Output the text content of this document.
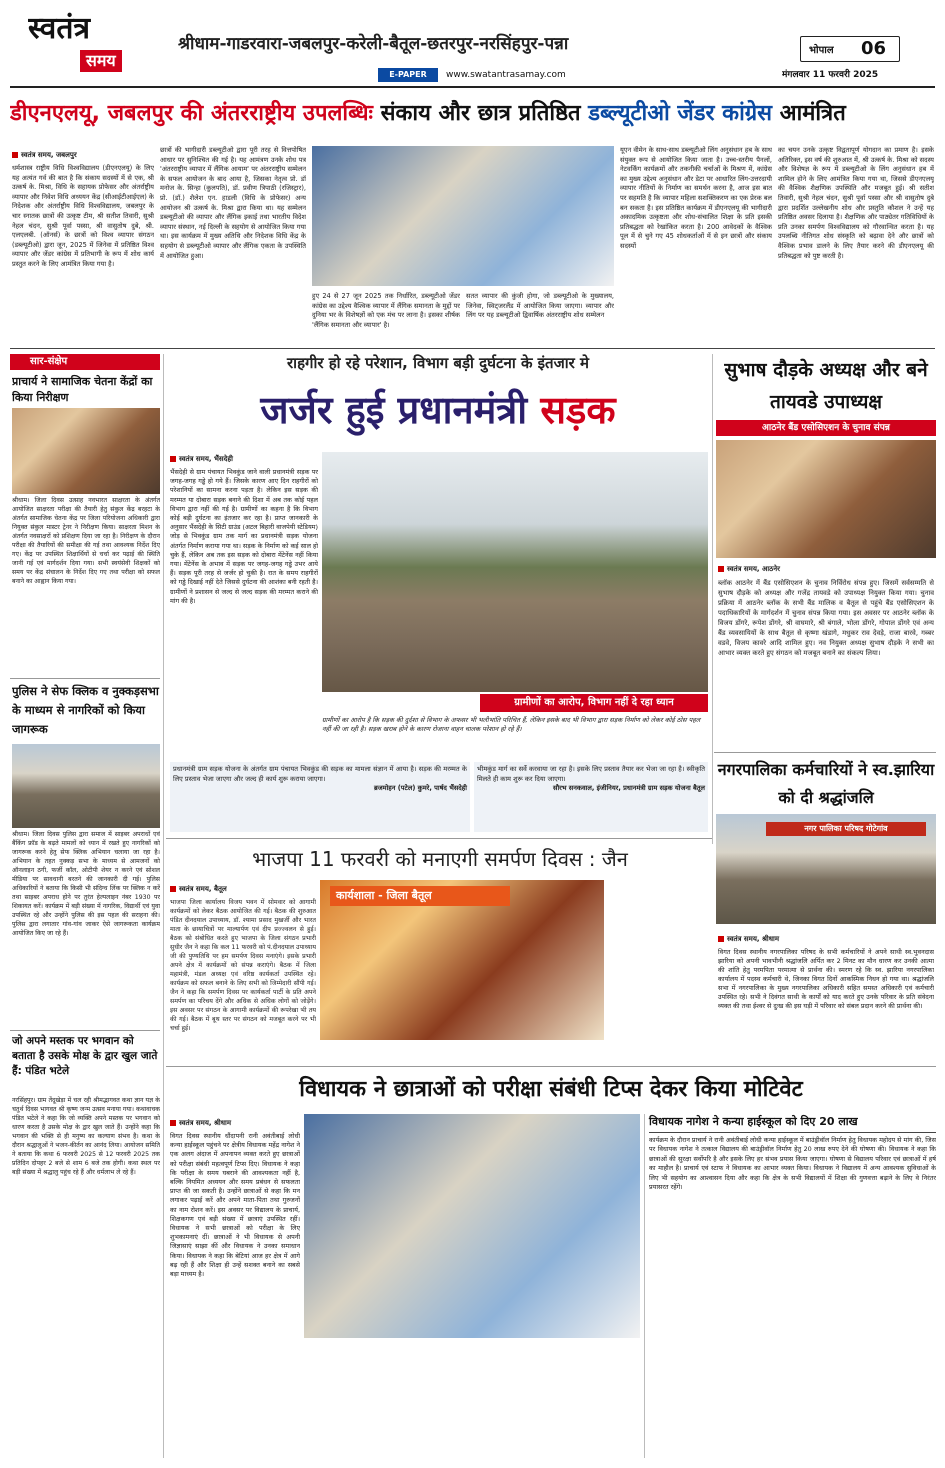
स्वतंत्र
समय
श्रीधाम-गाडरवारा-जबलपुर-करेली-बैतूल-छतरपुर-नरसिंहपुर-पन्ना
E-PAPER	www.swatantrasamay.com
भोपाल 06
मंगलवार 11 फरवरी 2025
डीएनएलयू, जबलपुर की अंतरराष्ट्रीय उपलब्धिः संकाय और छात्र प्रतिष्ठित डब्ल्यूटीओ जेंडर कांग्रेस आमंत्रित
स्वतंत्र समय, जबलपुर
धर्मशास्त्र राष्ट्रीय विधि विश्वविद्यालय (डीएनएलयू) के लिए यह अत्यंत गर्व की बात है कि संकाय सदस्यों में से एक, श्री उत्कर्ष के. मिश्रा, विधि के सहायक प्रोफेसर और अंतर्राष्ट्रीय व्यापार और निवेश विधि अध्ययन केंद्र (सीआईटीआईएल) के निदेशक और अंतर्राष्ट्रीय विधि विश्वविद्यालय, जबलपुर के चार स्नातक छात्रों की उत्कृष्ट टीम, श्री सतीश तिवारी, सुश्री नेहल चंदन, सुश्री पूर्वा पस्सा, श्री वासुतोष दुबे, श्री. एलएलबी. (ऑनर्स) के छात्रों को विश्व व्यापार संगठन (डब्ल्यूटीओ) द्वारा जून, 2025 में जिनेवा में प्रतिष्ठित विश्व व्यापार और जेंडर कांग्रेस में प्रतिभागी के रूप में शोध कार्य प्रस्तुत करने के लिए आमंत्रित किया गया है।
छात्रों की भागीदारी डब्ल्यूटीओ द्वारा पूरी तरह से वित्तपोषित आधार पर सुनिश्चित की गई है। यह आमंत्रण उनके शोध पत्र 'अंतरराष्ट्रीय व्यापार में लैंगिक आयाम' पर अंतरराष्ट्रीय सम्मेलन के सफल आयोजन के बाद आया है, जिसका नेतृत्व प्रो. डॉ मनोज के. सिन्हा (कुलपति), डॉ. प्रवीण त्रिपाठी (रजिस्ट्रार), प्रो. (डॉ.) शैलेश एन. हाडली (विधि के प्रोफेसर) अन्य आयोजन श्री उत्कर्ष के. मिश्रा द्वारा किया था। यह सम्मेलन डब्ल्यूटीओ की व्यापार और लैंगिक इकाई तथा भारतीय विदेश व्यापार संस्थान, नई दिल्ली के सहयोग से आयोजित किया गया था। इस कार्यक्रम में मुख्य अतिथि और निदेशक विधि केंद्र के सहयोग से डब्ल्यूटीओ व्यापार और लैंगिक एकता के उपस्थिति में आयोजित हुआ।
हुए 24 से 27 जून 2025 तक निर्धारित, डब्ल्यूटीओ जेंडर कांग्रेस का उद्देश्य वैश्विक व्यापार में लैंगिक समानता के मुद्दों पर दुनिया भर के विशेषज्ञों को एक मंच पर लाना है। इसका शीर्षक 'लैंगिक समानता और व्यापार' है।
सतत व्यापार की कुंजी होगा, जो डब्ल्यूटीओ के मुख्यालय, जिनेवा, स्विट्जरलैंड में आयोजित किया जाएगा। व्यापार और लिंग पर यह डब्ल्यूटीओ द्विवार्षिक अंतरराष्ट्रीय शोध सम्मेलन
यूएन वीमेन के साथ-साथ डब्ल्यूटीओ लिंग अनुसंधान हब के साथ संयुक्त रूप से आयोजित किया जाता है। उच्च-स्तरीय पैनलों, नेटवर्किंग कार्यक्रमों और तकनीकी चर्चाओं के मिश्रण में, कांग्रेस का मुख्य उद्देश्य अनुसंधान और डेटा पर आधारित लिंग-उत्तरदायी व्यापार नीतियों के निर्माण का समर्थन करना है, आज इस बात पर सहमति है कि व्यापार महिला सशक्तिकरण का एक प्रेरक बल बन सकता है। इस प्रतिष्ठित कार्यक्रम में डीएनएलयू की भागीदारी अकादमिक उत्कृष्टता और शोध-संचालित शिक्षा के प्रति इसकी प्रतिबद्धता को रेखांकित करता है। 200 आवेदकों के वैश्विक पूल में से चुने गए 45 शोधकर्ताओं में से इन छात्रों और संकाय सदस्यों
का चयन उनके उत्कृष्ट विद्वतापूर्ण योगदान का प्रमाण है। इसके अतिरिक्त, इस वर्ष की शुरुआत में, श्री उत्कर्ष के. मिश्रा को सदस्य और विशेषज्ञ के रूप में डब्ल्यूटीओ के लिंग अनुसंधान हब में शामिल होने के लिए आमंत्रित किया गया था, जिससे डीएनएलयू की वैश्विक शैक्षणिक उपस्थिति और मजबूत हुई। श्री सतीश तिवारी, सुश्री नेहल चंदन, सुश्री पूर्वा पस्सा और श्री वासुतोष दुबे द्वारा प्रदर्शित उल्लेखनीय शोध और प्रस्तुति कौशल ने उन्हें यह प्रतिष्ठित अवसर दिलाया है। शैक्षणिक और पाठ्येतर गतिविधियों के प्रति उनका समर्पण विश्वविद्यालय को गौरवान्वित करता है। यह उपलब्धि नीतिगत शोध संस्कृति को बढ़ावा देने और छात्रों को वैश्विक प्रभाव डालने के लिए तैयार करने की डीएनएलयू की प्रतिबद्धता को पुष्ट करती है।
सार-संक्षेप
प्राचार्य ने सामाजिक चेतना केंद्रों का किया निरीक्षण
श्रीधाम। जिला दिवस उत्साह नवभारत साक्षरता के अंतर्गत आयोजित साक्षरता परीक्षा की तैयारी हेतु संकुल केंद्र बरहटा के अंतर्गत सामाजिक चेतना केंद्र पर जिला परियोजना अधिकारी द्वारा नियुक्त संकुल मास्टर ट्रेनर ने निरीक्षण किया। साक्षरता मिशन के अंतर्गत नवसाक्षरों को प्रशिक्षण दिया जा रहा है। निरीक्षण के दौरान परीक्षा की तैयारियों की समीक्षा की गई तथा आवश्यक निर्देश दिए गए। केंद्र पर उपस्थित शिक्षार्थियों से चर्चा कर पढ़ाई की स्थिति जानी गई एवं मार्गदर्शन दिया गया। सभी स्वयंसेवी शिक्षकों को समय पर केंद्र संचालन के निर्देश दिए गए तथा परीक्षा को सफल बनाने का आह्वान किया गया।
पुलिस ने सेफ क्लिक व नुक्कड़सभा के माध्यम से नागरिकों को किया जागरूक
श्रीधाम। जिला दिवस पुलिस द्वारा समाज में साइबर अपराधों एवं बैंकिंग फ्रॉड के बढ़ते मामलों को ध्यान में रखते हुए नागरिकों को जागरूक करने हेतु सेफ क्लिक अभियान चलाया जा रहा है। अभियान के तहत नुक्कड़ सभा के माध्यम से आमजनों को ऑनलाइन ठगी, फर्जी कॉल, ओटीपी शेयर न करने एवं सोशल मीडिया पर सावधानी बरतने की जानकारी दी गई। पुलिस अधिकारियों ने बताया कि किसी भी संदिग्ध लिंक पर क्लिक न करें तथा साइबर अपराध होने पर तुरंत हेल्पलाइन नंबर 1930 पर शिकायत करें। कार्यक्रम में बड़ी संख्या में नागरिक, विद्यार्थी एवं युवा उपस्थित रहे और उन्होंने पुलिस की इस पहल की सराहना की। पुलिस द्वारा लगातार गांव-गांव जाकर ऐसे जागरूकता कार्यक्रम आयोजित किए जा रहे हैं।
जो अपने मस्तक पर भगवान को बताता है उसके मोक्ष के द्वार खुल जाते हैं: पंडित भटेले
नरसिंहपुर। ग्राम तेंदूखेड़ा में चल रही श्रीमद्भागवत कथा ज्ञान यज्ञ के चतुर्थ दिवस भागवत श्री कृष्ण जन्म उत्सव मनाया गया। कथावाचक पंडित भटेले ने कहा कि जो व्यक्ति अपने मस्तक पर भगवान को धारण करता है उसके मोक्ष के द्वार खुल जाते हैं। उन्होंने कहा कि भगवान की भक्ति से ही मनुष्य का कल्याण संभव है। कथा के दौरान श्रद्धालुओं ने भजन-कीर्तन का आनंद लिया। आयोजन समिति ने बताया कि कथा 6 फरवरी 2025 से 12 फरवरी 2025 तक प्रतिदिन दोपहर 2 बजे से शाम 6 बजे तक होगी। कथा स्थल पर बड़ी संख्या में श्रद्धालु पहुंच रहे हैं और धर्मलाभ ले रहे हैं।
राहगीर हो रहे परेशान, विभाग बड़ी दुर्घटना के इंतजार मे
जर्जर हुई प्रधानमंत्री सड़क
स्वतंत्र समय, भैंसदेही
भैंसदेही से ग्राम पंचायत भिवकुंड जाने वाली प्रधानमंत्री सड़क पर जगह-जगह गड्ढे हो गये हैं। जिसके कारण आए दिन राहगीरों को परेशानियों का सामना करना पड़ता है। लेकिन इस सड़क की मरम्मत या दोबारा सड़क बनाने की दिशा में अब तक कोई पहल विभाग द्वारा नहीं की गई है। ग्रामीणों का कहना है कि विभाग कोई बड़ी दुर्घटना का इंतजार कर रहा है। प्राप्त जानकारी के अनुसार भैंसदेही के सिटी ग्राउंड (अटल बिहारी वाजपेयी स्टेडियम) जोड़ से भिवकुंड ग्राम तक मार्ग का प्रधानमंत्री सड़क योजना अंतर्गत निर्माण कराया गया था। सड़क के निर्माण को कई साल हो चुके हैं, लेकिन अब तक इस सड़क को दोबारा मेंटेनेंस नहीं किया गया। मेंटेनेंस के अभाव में सड़क पर जगह-जगह गड्ढे उभर आये हैं। सड़क पूरी तरह से जर्जर हो चुकी है। रात के समय राहगीरों को गड्ढे दिखाई नहीं देते जिससे दुर्घटना की आशंका बनी रहती है। ग्रामीणों ने प्रशासन से जल्द से जल्द सड़क की मरम्मत कराने की मांग की है।
ग्रामीणों का आरोप, विभाग नहीं दे रहा ध्यान
ग्रामीणों का आरोप है कि सड़क की दुर्दशा से विभाग के अफसर भी भलीभांति परिचित हैं, लेकिन इसके बाद भी विभाग द्वारा सड़क निर्माण को लेकर कोई ठोस पहल नहीं की जा रही है। सड़क खराब होने के कारण रोजाना वाहन चालक परेशान हो रहे हैं।
प्रधानमंत्री ग्राम सड़क योजना के अंतर्गत ग्राम पंचायत भिवकुंड की सड़क का मामला संज्ञान में आया है। सड़क की मरम्मत के लिए प्रस्ताव भेजा जाएगा और जल्द ही कार्य शुरू कराया जाएगा।
ब्रजमोहन (पटेल) कुमरे, पार्षद भैंसदेही
भीमकुंड मार्ग का सर्वे करवाया जा रहा है। इसके लिए प्रस्ताव तैयार कर भेजा जा रहा है। स्वीकृति मिलते ही काम शुरू कर दिया जाएगा।
सौरभ सनकवाल, इंजीनियर, प्रधानमंत्री ग्राम सड़क योजना बैतूल
सुभाष दौड़के अध्यक्ष और बने तायवडे उपाध्यक्ष
आठनेर बैंड एसोसिएशन के चुनाव संपन्न
स्वतंत्र समय, आठनेर
ब्लॉक आठनेर में बैंड एसोसिएशन के चुनाव निर्विरोध संपन्न हुए। जिसमें सर्वसम्मति से सुभाष दौड़के को अध्यक्ष और गजेंद्र तायवडे को उपाध्यक्ष नियुक्त किया गया। चुनाव प्रक्रिया में आठनेर ब्लॉक के सभी बैंड मालिक व बैतूल से पहुंचे बैंड एसोसिएशन के पदाधिकारियों के मार्गदर्शन में चुनाव संपन्न किया गया। इस अवसर पर आठनेर ब्लॉक के विजय डोंगरे, रूपेश डोंगरे, श्री वाघमारे, श्री बंगाले, भोला डोंगरे, गोपाल डोंगरे एवं अन्य बैंड व्यवसायियों के साथ बैतूल से कृष्णा खंडागे, मधुकर राव देवड़े, राजा बारवे, गब्बर वडवे, विजय कावरे आदि शामिल हुए। नव नियुक्त अध्यक्ष सुभाष दौड़के ने सभी का आभार व्यक्त करते हुए संगठन को मजबूत बनाने का संकल्प लिया।
नगरपालिका कर्मचारियों ने स्व.झारिया को दी श्रद्धांजलि
नगर पालिका परिषद गोटेगांव
स्वतंत्र समय, श्रीधाम
विगत दिवस स्थानीय नगरपालिका परिषद के सभी कर्मचारियों ने अपने साथी स्व.भुवनदास झारिया को अपनी भावभीनी श्रद्धांजलि अर्पित कर 2 मिनट का मौन धारण कर उनकी आत्मा की शांति हेतु परमपिता परमात्मा से प्रार्थना की। स्मरण रहे कि स्व. झारिया नगरपालिका कार्यालय में पदस्थ कर्मचारी थे, जिनका विगत दिनों आकस्मिक निधन हो गया था। श्रद्धांजलि सभा में नगरपालिका के मुख्य नगरपालिका अधिकारी सहित समस्त अधिकारी एवं कर्मचारी उपस्थित रहे। सभी ने दिवंगत साथी के कार्यों को याद करते हुए उनके परिवार के प्रति संवेदना व्यक्त की तथा ईश्वर से दुःख की इस घड़ी में परिवार को संबल प्रदान करने की प्रार्थना की।
भाजपा 11 फरवरी को मनाएगी समर्पण दिवस : जैन
स्वतंत्र समय, बैतूल
कार्यशाला - जिला बैतूल
भाजपा जिला कार्यालय विजय भवन में सोमवार को आगामी कार्यक्रमों को लेकर बैठक आयोजित की गई। बैठक की शुरुआत पंडित दीनदयाल उपाध्याय, डॉ. श्यामा प्रसाद मुखर्जी और भारत माता के छायाचित्रों पर माल्यार्पण एवं दीप प्रज्ज्वलन से हुई। बैठक को संबोधित करते हुए भाजपा के जिला संगठन प्रभारी सुधीर जैन ने कहा कि कल 11 फरवरी को पं.दीनदयाल उपाध्याय जी की पुण्यतिथि पर हम समर्पण दिवस मनाएंगे। इसके प्रभारी अपने क्षेत्र में कार्यक्रमों को संपन्न कराएंगे। बैठक में जिला महामंत्री, मंडल अध्यक्ष एवं वरिष्ठ कार्यकर्ता उपस्थित रहे। कार्यक्रम को सफल बनाने के लिए सभी को जिम्मेदारी सौंपी गई। जैन ने कहा कि समर्पण दिवस पर कार्यकर्ता पार्टी के प्रति अपने समर्पण का परिचय देंगे और अधिक से अधिक लोगों को जोड़ेंगे। इस अवसर पर संगठन के आगामी कार्यक्रमों की रूपरेखा भी तय की गई। बैठक में बूथ स्तर पर संगठन को मजबूत करने पर भी चर्चा हुई।
विधायक ने छात्राओं को परीक्षा संबंधी टिप्स देकर किया मोटिवेट
स्वतंत्र समय, श्रीधाम
विगत दिवस स्थानीय धौंदापनी रानी अवंतीबाई लोधी कन्या हाईस्कूल पहुंचने पर क्षेत्रीय विधायक महेंद्र नागेश ने एक अलग अंदाज में अपनापन व्यक्त करते हुए छात्राओं को परीक्षा संबंधी महत्वपूर्ण टिप्स दिए। विधायक ने कहा कि परीक्षा के समय घबराने की आवश्यकता नहीं है, बल्कि नियमित अध्ययन और समय प्रबंधन से सफलता प्राप्त की जा सकती है। उन्होंने छात्राओं से कहा कि मन लगाकर पढ़ाई करें और अपने माता-पिता तथा गुरुजनों का नाम रोशन करें। इस अवसर पर विद्यालय के प्राचार्य, शिक्षकगण एवं बड़ी संख्या में छात्राएं उपस्थित रहीं। विधायक ने सभी छात्राओं को परीक्षा के लिए शुभकामनाएं दीं। छात्राओं ने भी विधायक से अपनी जिज्ञासाएं साझा कीं और विधायक ने उनका समाधान किया। विधायक ने कहा कि बेटियां आज हर क्षेत्र में आगे बढ़ रही हैं और शिक्षा ही उन्हें सशक्त बनाने का सबसे बड़ा माध्यम है।
विधायक नागेश ने कन्या हाईस्कूल को दिए 20 लाख
कार्यक्रम के दौरान प्राचार्य ने रानी अवंतीबाई लोधी कन्या हाईस्कूल में बाउंड्रीवॉल निर्माण हेतु विधायक महोदय से मांग की, जिस पर विधायक नागेश ने तत्काल विद्यालय की बाउंड्रीवॉल निर्माण हेतु 20 लाख रुपए देने की घोषणा की। विधायक ने कहा कि छात्राओं की सुरक्षा सर्वोपरि है और इसके लिए हर संभव प्रयास किया जाएगा। घोषणा से विद्यालय परिवार एवं छात्राओं में हर्ष का माहौल है। प्राचार्य एवं स्टाफ ने विधायक का आभार व्यक्त किया। विधायक ने विद्यालय में अन्य आवश्यक सुविधाओं के लिए भी सहयोग का आश्वासन दिया और कहा कि क्षेत्र के सभी विद्यालयों में शिक्षा की गुणवत्ता बढ़ाने के लिए वे निरंतर प्रयासरत रहेंगे।
